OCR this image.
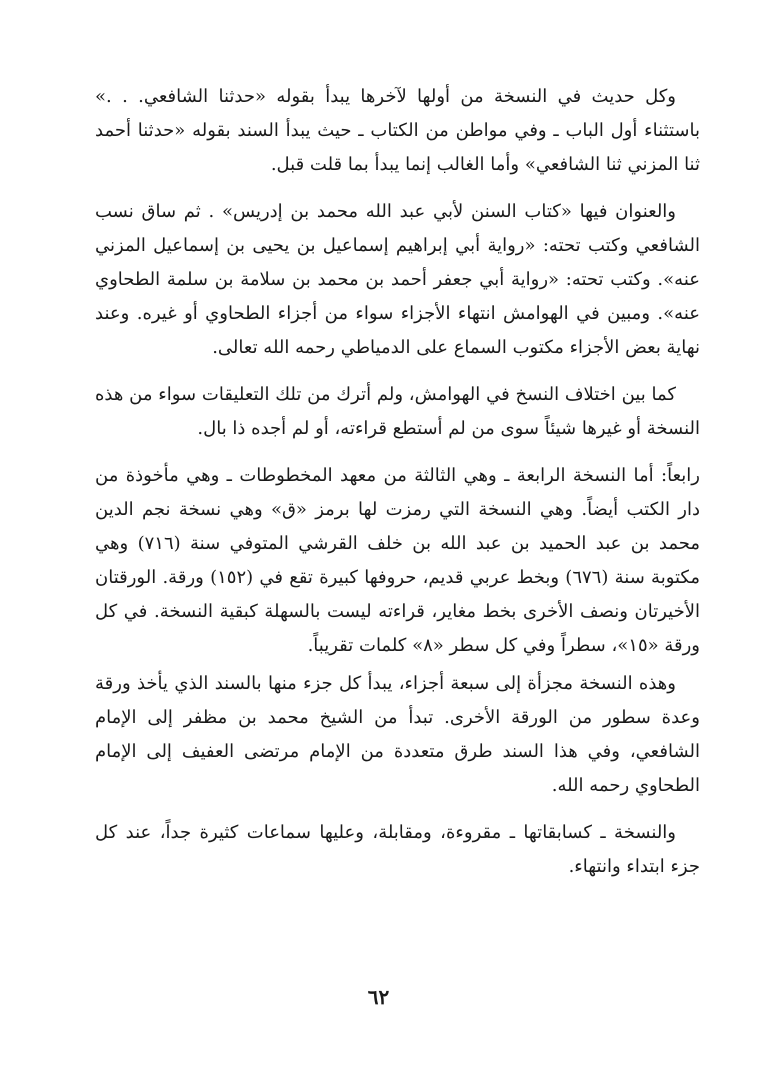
وكل حديث في النسخة من أولها لآخرها يبدأ بقوله «حدثنا الشافعي. . .» باستثناء أول الباب ـ وفي مواطن من الكتاب ـ حيث يبدأ السند بقوله «حدثنا أحمد ثنا المزني ثنا الشافعي» وأما الغالب إنما يبدأ بما قلت قبل.

والعنوان فيها «كتاب السنن لأبي عبد الله محمد بن إدريس» . ثم ساق نسب الشافعي وكتب تحته: «رواية أبي إبراهيم إسماعيل بن يحيى بن إسماعيل المزني عنه». وكتب تحته: «رواية أبي جعفر أحمد بن محمد بن سلامة بن سلمة الطحاوي عنه». ومبين في الهوامش انتهاء الأجزاء سواء من أجزاء الطحاوي أو غيره. وعند نهاية بعض الأجزاء مكتوب السماع على الدمياطي رحمه الله تعالى.

كما بين اختلاف النسخ في الهوامش، ولم أترك من تلك التعليقات سواء من هذه النسخة أو غيرها شيئاً سوى من لم أستطع قراءته، أو لم أجده ذا بال.

رابعاً: أما النسخة الرابعة ـ وهي الثالثة من معهد المخطوطات ـ وهي مأخوذة من دار الكتب أيضاً. وهي النسخة التي رمزت لها برمز «ق» وهي نسخة نجم الدين محمد بن عبد الحميد بن عبد الله بن خلف القرشي المتوفي سنة (٧١٦) وهي مكتوبة سنة (٦٧٦) وبخط عربي قديم، حروفها كبيرة تقع في (١٥٢) ورقة. الورقتان الأخيرتان ونصف الأخرى بخط مغاير، قراءته ليست بالسهلة كبقية النسخة. في كل ورقة «١٥»، سطراً وفي كل سطر «٨» كلمات تقريباً.

وهذه النسخة مجزأة إلى سبعة أجزاء، يبدأ كل جزء منها بالسند الذي يأخذ ورقة وعدة سطور من الورقة الأخرى. تبدأ من الشيخ محمد بن مظفر إلى الإمام الشافعي، وفي هذا السند طرق متعددة من الإمام مرتضى العفيف إلى الإمام الطحاوي رحمه الله.

والنسخة ـ كسابقاتها ـ مقروءة، ومقابلة، وعليها سماعات كثيرة جداً، عند كل جزء ابتداء وانتهاء.

٦٢
